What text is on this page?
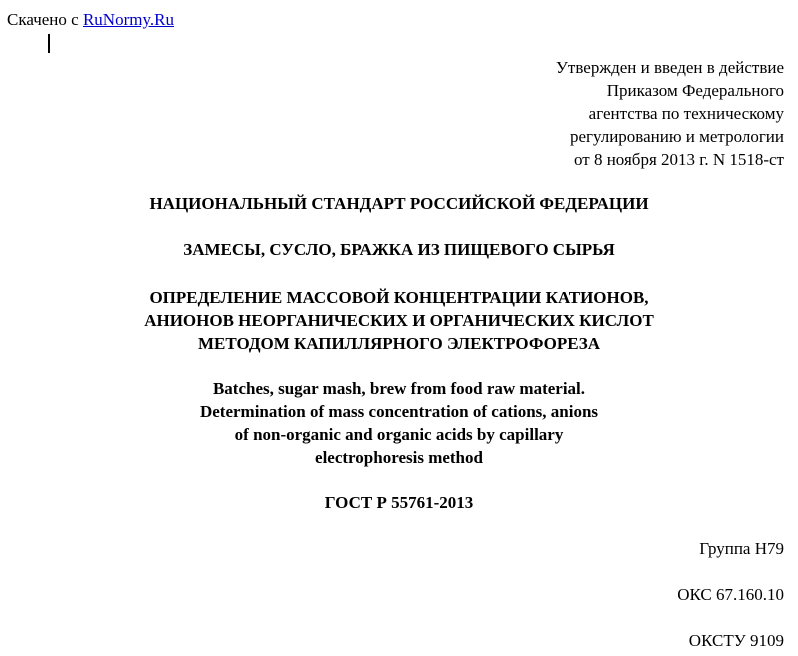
Скачено с RuNormy.Ru
Утвержден и введен в действие
Приказом Федерального
агентства по техническому
регулированию и метрологии
от 8 ноября 2013 г. N 1518-ст
НАЦИОНАЛЬНЫЙ СТАНДАРТ РОССИЙСКОЙ ФЕДЕРАЦИИ
ЗАМЕСЫ, СУСЛО, БРАЖКА ИЗ ПИЩЕВОГО СЫРЬЯ
ОПРЕДЕЛЕНИЕ МАССОВОЙ КОНЦЕНТРАЦИИ КАТИОНОВ,
АНИОНОВ НЕОРГАНИЧЕСКИХ И ОРГАНИЧЕСКИХ КИСЛОТ
МЕТОДОМ КАПИЛЛЯРНОГО ЭЛЕКТРОФОРЕЗА
Batches, sugar mash, brew from food raw material.
Determination of mass concentration of cations, anions
of non-organic and organic acids by capillary
electrophoresis method
ГОСТ Р 55761-2013
Группа Н79
ОКС 67.160.10
ОКСТУ 9109
